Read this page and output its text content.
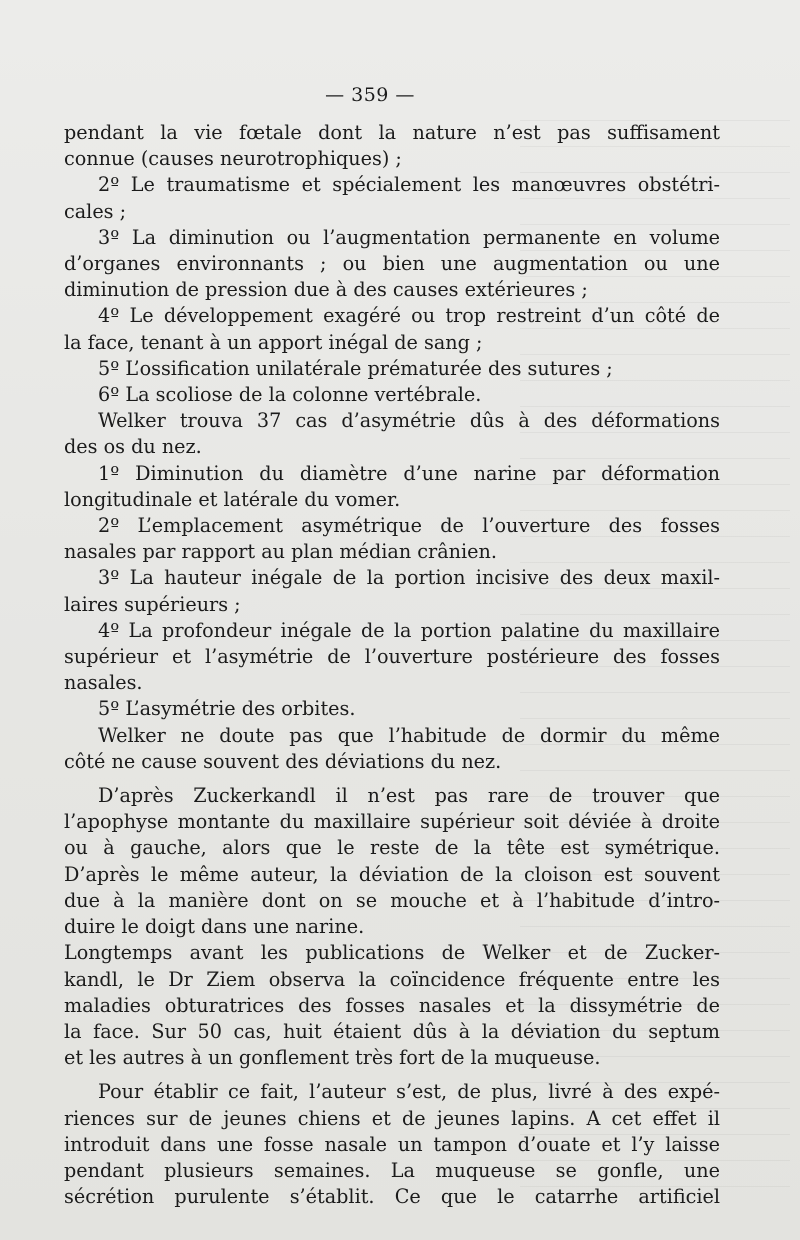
— 359 —
pendant la vie fœtale dont la nature n’est pas suffisament
connue (causes neurotrophiques) ;
2º Le traumatisme et spécialement les manœuvres obstétri-
cales ;
3º La diminution ou l’augmentation permanente en volume
d’organes environnants ; ou bien une augmentation ou une
diminution de pression due à des causes extérieures ;
4º Le développement exagéré ou trop restreint d’un côté de
la face, tenant à un apport inégal de sang ;
5º L’ossification unilatérale prématurée des sutures ;
6º La scoliose de la colonne vertébrale.
Welker trouva 37 cas d’asymétrie dûs à des déformations
des os du nez.
1º Diminution du diamètre d’une narine par déformation
longitudinale et latérale du vomer.
2º L’emplacement asymétrique de l’ouverture des fosses
nasales par rapport au plan médian crânien.
3º La hauteur inégale de la portion incisive des deux maxil-
laires supérieurs ;
4º La profondeur inégale de la portion palatine du maxillaire
supérieur et l’asymétrie de l’ouverture postérieure des fosses
nasales.
5º L’asymétrie des orbites.
Welker ne doute pas que l’habitude de dormir du même
côté ne cause souvent des déviations du nez.
D’après Zuckerkandl il n’est pas rare de trouver que
l’apophyse montante du maxillaire supérieur soit déviée à droite
ou à gauche, alors que le reste de la tête est symétrique.
D’après le même auteur, la déviation de la cloison est souvent
due à la manière dont on se mouche et à l’habitude d’intro-
duire le doigt dans une narine.
Longtemps avant les publications de Welker et de Zucker-
kandl, le Dr Ziem observa la coïncidence fréquente entre les
maladies obturatrices des fosses nasales et la dissymétrie de
la face. Sur 50 cas, huit étaient dûs à la déviation du septum
et les autres à un gonflement très fort de la muqueuse.
Pour établir ce fait, l’auteur s’est, de plus, livré à des expé-
riences sur de jeunes chiens et de jeunes lapins. A cet effet il
introduit dans une fosse nasale un tampon d’ouate et l’y laisse
pendant plusieurs semaines. La muqueuse se gonfle, une
sécrétion purulente s’établit. Ce que le catarrhe artificiel
